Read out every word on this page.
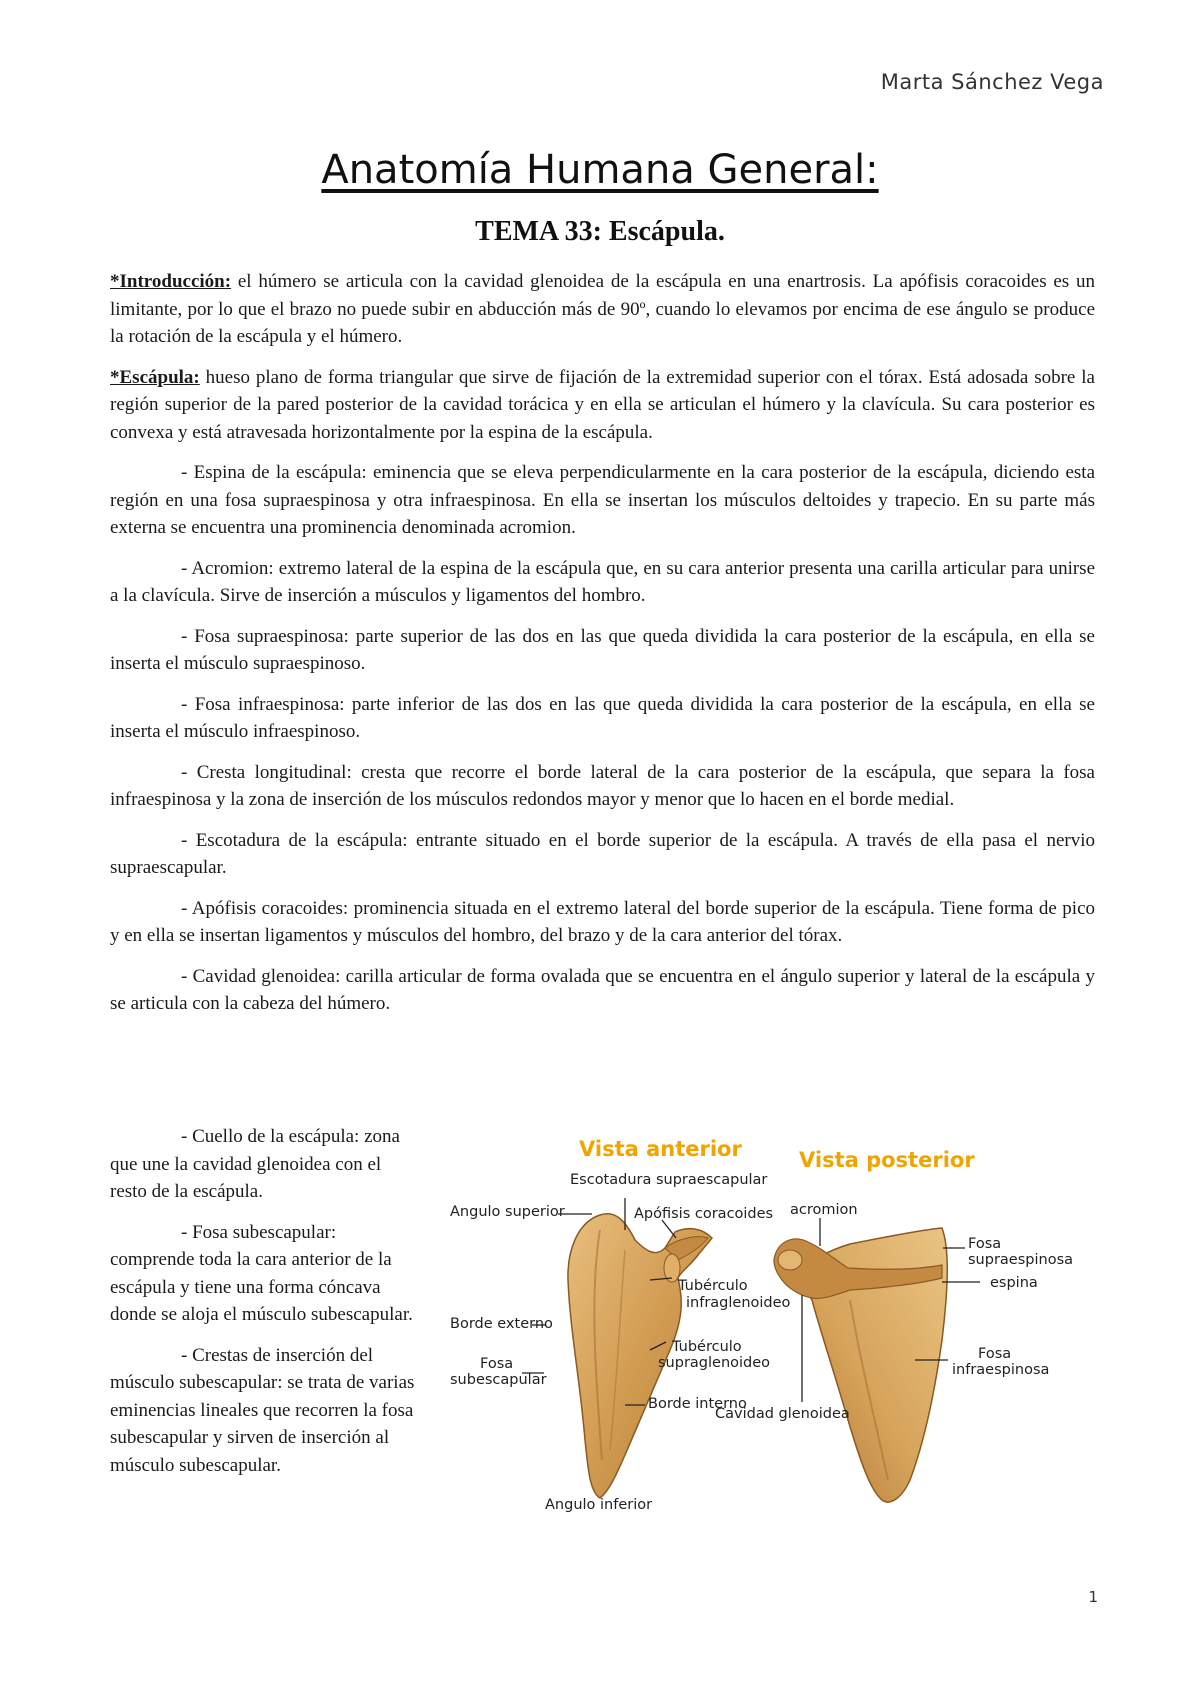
Marta Sánchez Vega
Anatomía Humana General:
TEMA 33: Escápula.

*Introducción: el húmero se articula con la cavidad glenoidea de la escápula en una enartrosis. La apófisis coracoides es un limitante, por lo que el brazo no puede subir en abducción más de 90º, cuando lo elevamos por encima de ese ángulo se produce la rotación de la escápula y el húmero.

*Escápula: hueso plano de forma triangular que sirve de fijación de la extremidad superior con el tórax. Está adosada sobre la región superior de la pared posterior de la cavidad torácica y en ella se articulan el húmero y la clavícula. Su cara posterior es convexa y está atravesada horizontalmente por la espina de la escápula.

- Espina de la escápula: eminencia que se eleva perpendicularmente en la cara posterior de la escápula, diciendo esta región en una fosa supraespinosa y otra infraespinosa. En ella se insertan los músculos deltoides y trapecio. En su parte más externa se encuentra una prominencia denominada acromion.

- Acromion: extremo lateral de la espina de la escápula que, en su cara anterior presenta una carilla articular para unirse a la clavícula. Sirve de inserción a músculos y ligamentos del hombro.

- Fosa supraespinosa: parte superior de las dos en las que queda dividida la cara posterior de la escápula, en ella se inserta el músculo supraespinoso.

- Fosa infraespinosa: parte inferior de las dos en las que queda dividida la cara posterior de la escápula, en ella se inserta el músculo infraespinoso.

- Cresta longitudinal: cresta que recorre el borde lateral de la cara posterior de la escápula, que separa la fosa infraespinosa y la zona de inserción de los músculos redondos mayor y menor que lo hacen en el borde medial.

- Escotadura de la escápula: entrante situado en el borde superior de la escápula. A través de ella pasa el nervio supraescapular.

- Apófisis coracoides: prominencia situada en el extremo lateral del borde superior de la escápula. Tiene forma de pico y en ella se insertan ligamentos y músculos del hombro, del brazo y de la cara anterior del tórax.

- Cavidad glenoidea: carilla articular de forma ovalada que se encuentra en el ángulo superior y lateral de la escápula y se articula con la cabeza del húmero.

- Cuello de la escápula: zona que une la cavidad glenoidea con el resto de la escápula.

- Fosa subescapular: comprende toda la cara anterior de la escápula y tiene una forma cóncava donde se aloja el músculo subescapular.

- Crestas de inserción del músculo subescapular: se trata de varias eminencias lineales que recorren la fosa subescapular y sirven de inserción al músculo subescapular.

Vista anterior	Vista posterior
Escotadura supraescapular
Angulo superior	Apófisis coracoides
Tubérculo
infraglenoideo
Borde externo
Tubérculo
supraglenoideo
Fosa
subescapular
Borde interno
Angulo inferior
acromion
Fosa
supraespinosa
espina
Fosa
infraespinosa
Cavidad glenoidea
1
